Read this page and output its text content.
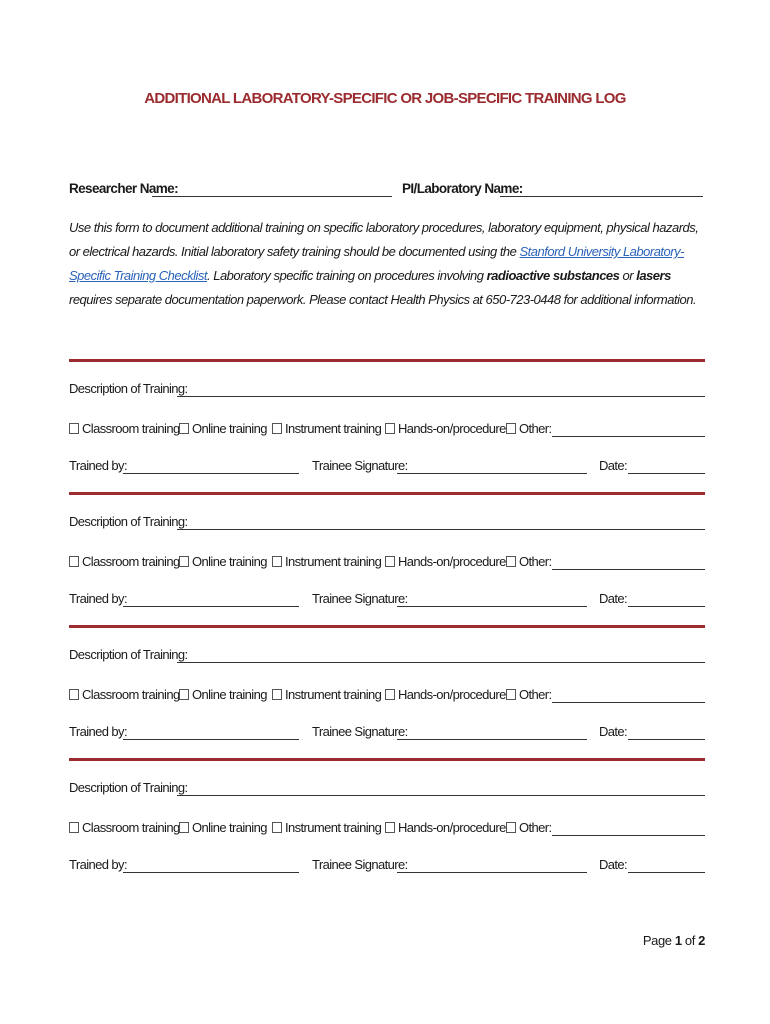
ADDITIONAL LABORATORY-SPECIFIC OR JOB-SPECIFIC TRAINING LOG
Researcher Name:	PI/Laboratory Name:
Use this form to document additional training on specific laboratory procedures, laboratory equipment, physical hazards, or electrical hazards. Initial laboratory safety training should be documented using the Stanford University Laboratory-Specific Training Checklist. Laboratory specific training on procedures involving radioactive substances or lasers requires separate documentation paperwork. Please contact Health Physics at 650-723-0448 for additional information.
Description of Training:
Classroom training Online training	Instrument training	Hands-on/procedure	Other:
Trained by:	Trainee Signature:	Date:
Description of Training:
Classroom training Online training	Instrument training	Hands-on/procedure	Other:
Trained by:	Trainee Signature:	Date:
Description of Training:
Classroom training Online training	Instrument training	Hands-on/procedure	Other:
Trained by:	Trainee Signature:	Date:
Description of Training:
Classroom training Online training	Instrument training	Hands-on/procedure	Other:
Trained by:	Trainee Signature:	Date:
Page 1 of 2
